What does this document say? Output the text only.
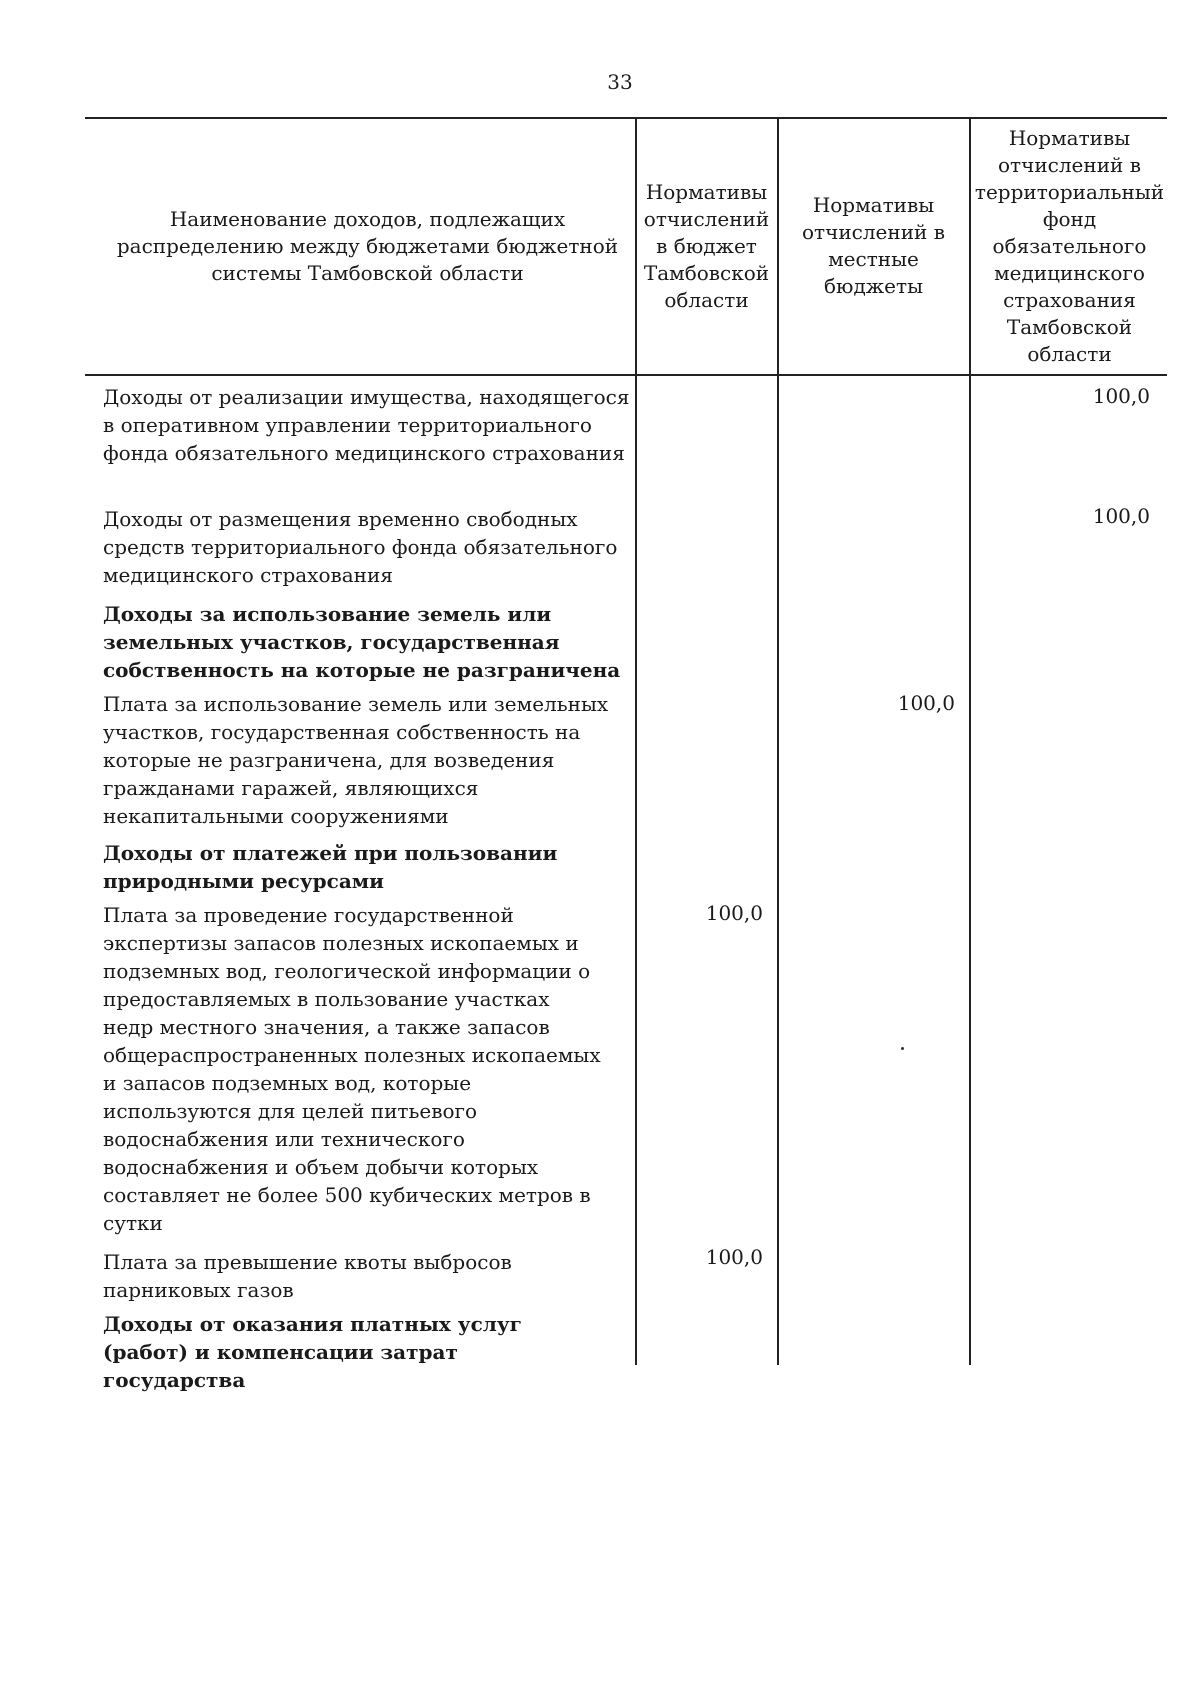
33
Наименование доходов, подлежащих распределению между бюджетами бюджетной системы Тамбовской области
Нормативы отчислений в бюджет Тамбовской области
Нормативы отчислений в местные бюджеты
Нормативы отчислений в территориальный фонд обязательного медицинского страхования Тамбовской области
Доходы от реализации имущества, находящегося в оперативном управлении территориального фонда обязательного медицинского страхования
100,0
Доходы от размещения временно свободных средств территориального фонда обязательного медицинского страхования
100,0
Доходы за использование земель или земельных участков, государственная собственность на которые не разграничена
Плата за использование земель или земельных участков, государственная собственность на которые не разграничена, для возведения гражданами гаражей, являющихся некапитальными сооружениями
100,0
Доходы от платежей при пользовании природными ресурсами
Плата за проведение государственной экспертизы запасов полезных ископаемых и подземных вод, геологической информации о предоставляемых в пользование участках недр местного значения, а также запасов общераспространенных полезных ископаемых и запасов подземных вод, которые используются для целей питьевого водоснабжения или технического водоснабжения и объем добычи которых составляет не более 500 кубических метров в сутки
100,0
Плата за превышение квоты выбросов парниковых газов
100,0
Доходы от оказания платных услуг (работ) и компенсации затрат государства
